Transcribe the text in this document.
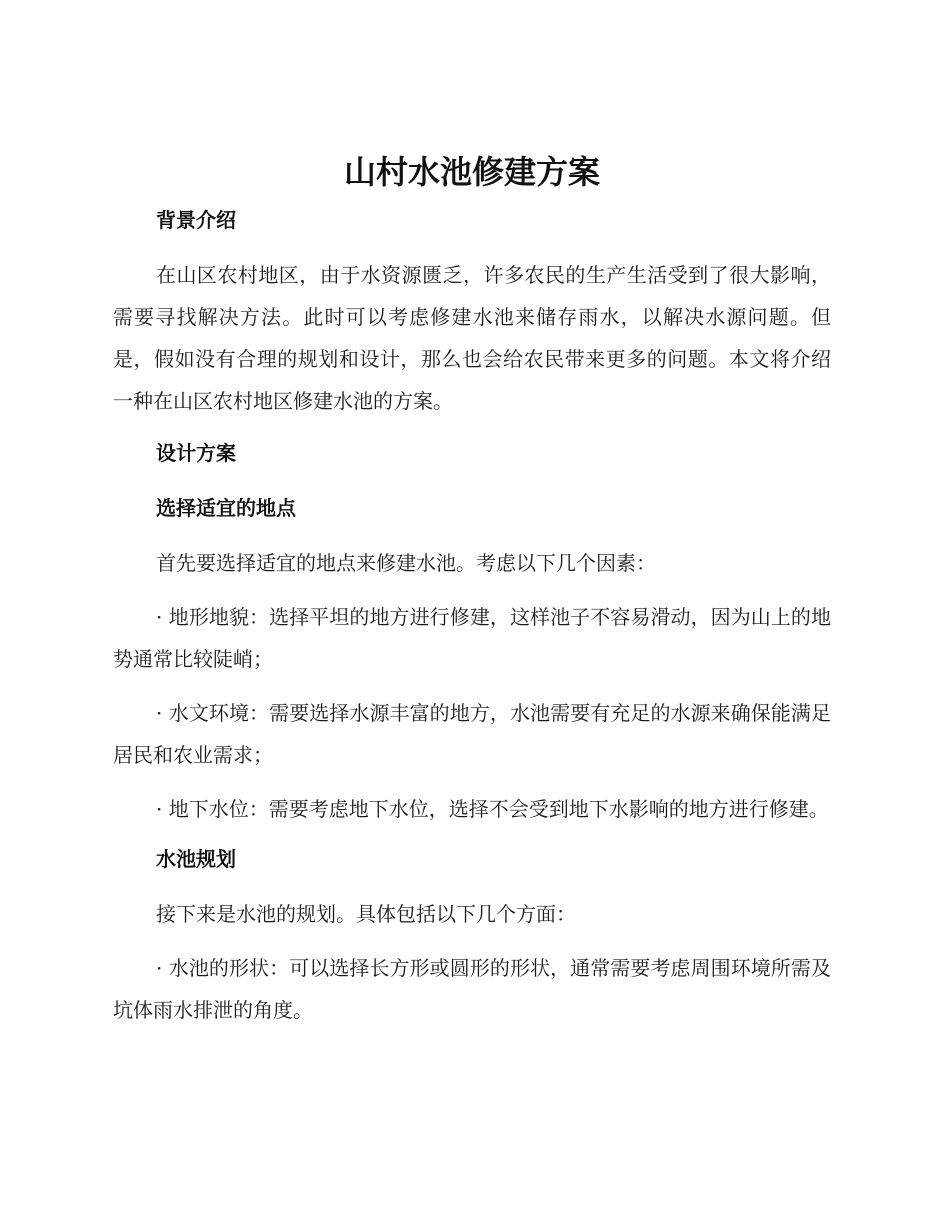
山村水池修建方案
背景介绍

在山区农村地区，由于水资源匮乏，许多农民的生产生活受到了很大影响，需要寻找解决方法。此时可以考虑修建水池来储存雨水，以解决水源问题。但是，假如没有合理的规划和设计，那么也会给农民带来更多的问题。本文将介绍一种在山区农村地区修建水池的方案。

设计方案
选择适宜的地点

首先要选择适宜的地点来修建水池。考虑以下几个因素：

· 地形地貌：选择平坦的地方进行修建，这样池子不容易滑动，因为山上的地势通常比较陡峭；

· 水文环境：需要选择水源丰富的地方，水池需要有充足的水源来确保能满足居民和农业需求；

· 地下水位：需要考虑地下水位，选择不会受到地下水影响的地方进行修建。

水池规划

接下来是水池的规划。具体包括以下几个方面：

· 水池的形状：可以选择长方形或圆形的形状，通常需要考虑周围环境所需及坑体雨水排泄的角度。
